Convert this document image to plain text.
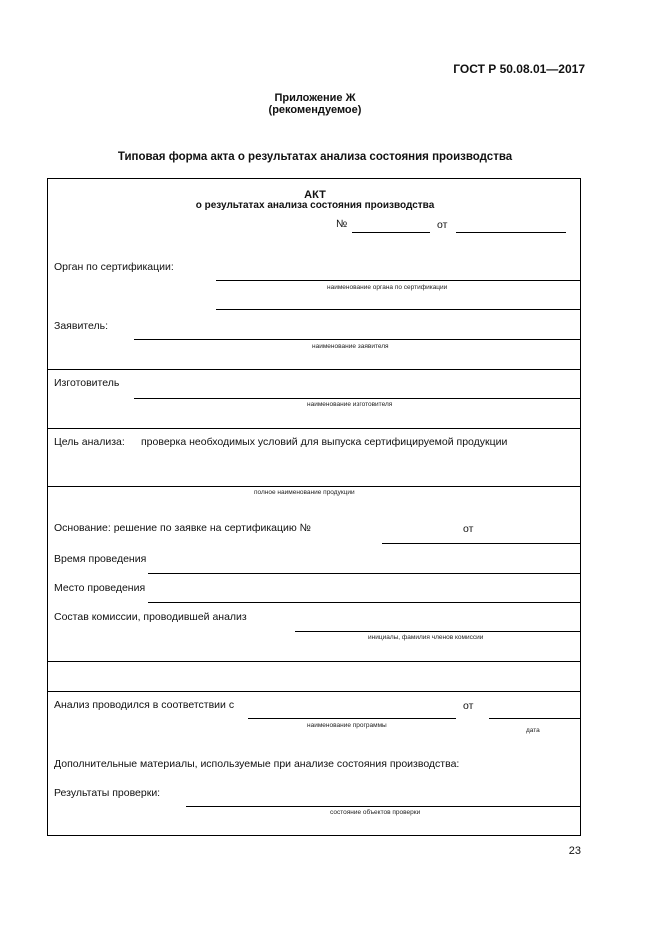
ГОСТ Р 50.08.01—2017
Приложение Ж
(рекомендуемое)
Типовая форма акта о результатах анализа состояния производства
АКТ
о результатах анализа состояния производства
№	от
Орган по сертификации:
наименование органа по сертификации
Заявитель:
наименование заявителя
Изготовитель
наименование изготовителя
Цель анализа: проверка необходимых условий для выпуска сертифицируемой продукции
полное наименование продукции
Основание: решение по заявке на сертификацию №	от
Время проведения
Место проведения
Состав комиссии, проводившей анализ
инициалы, фамилия членов комиссии
Анализ проводился в соответствии с
наименование программы
от
дата
Дополнительные материалы, используемые при анализе состояния производства:
Результаты проверки:
состояние объектов проверки
23
